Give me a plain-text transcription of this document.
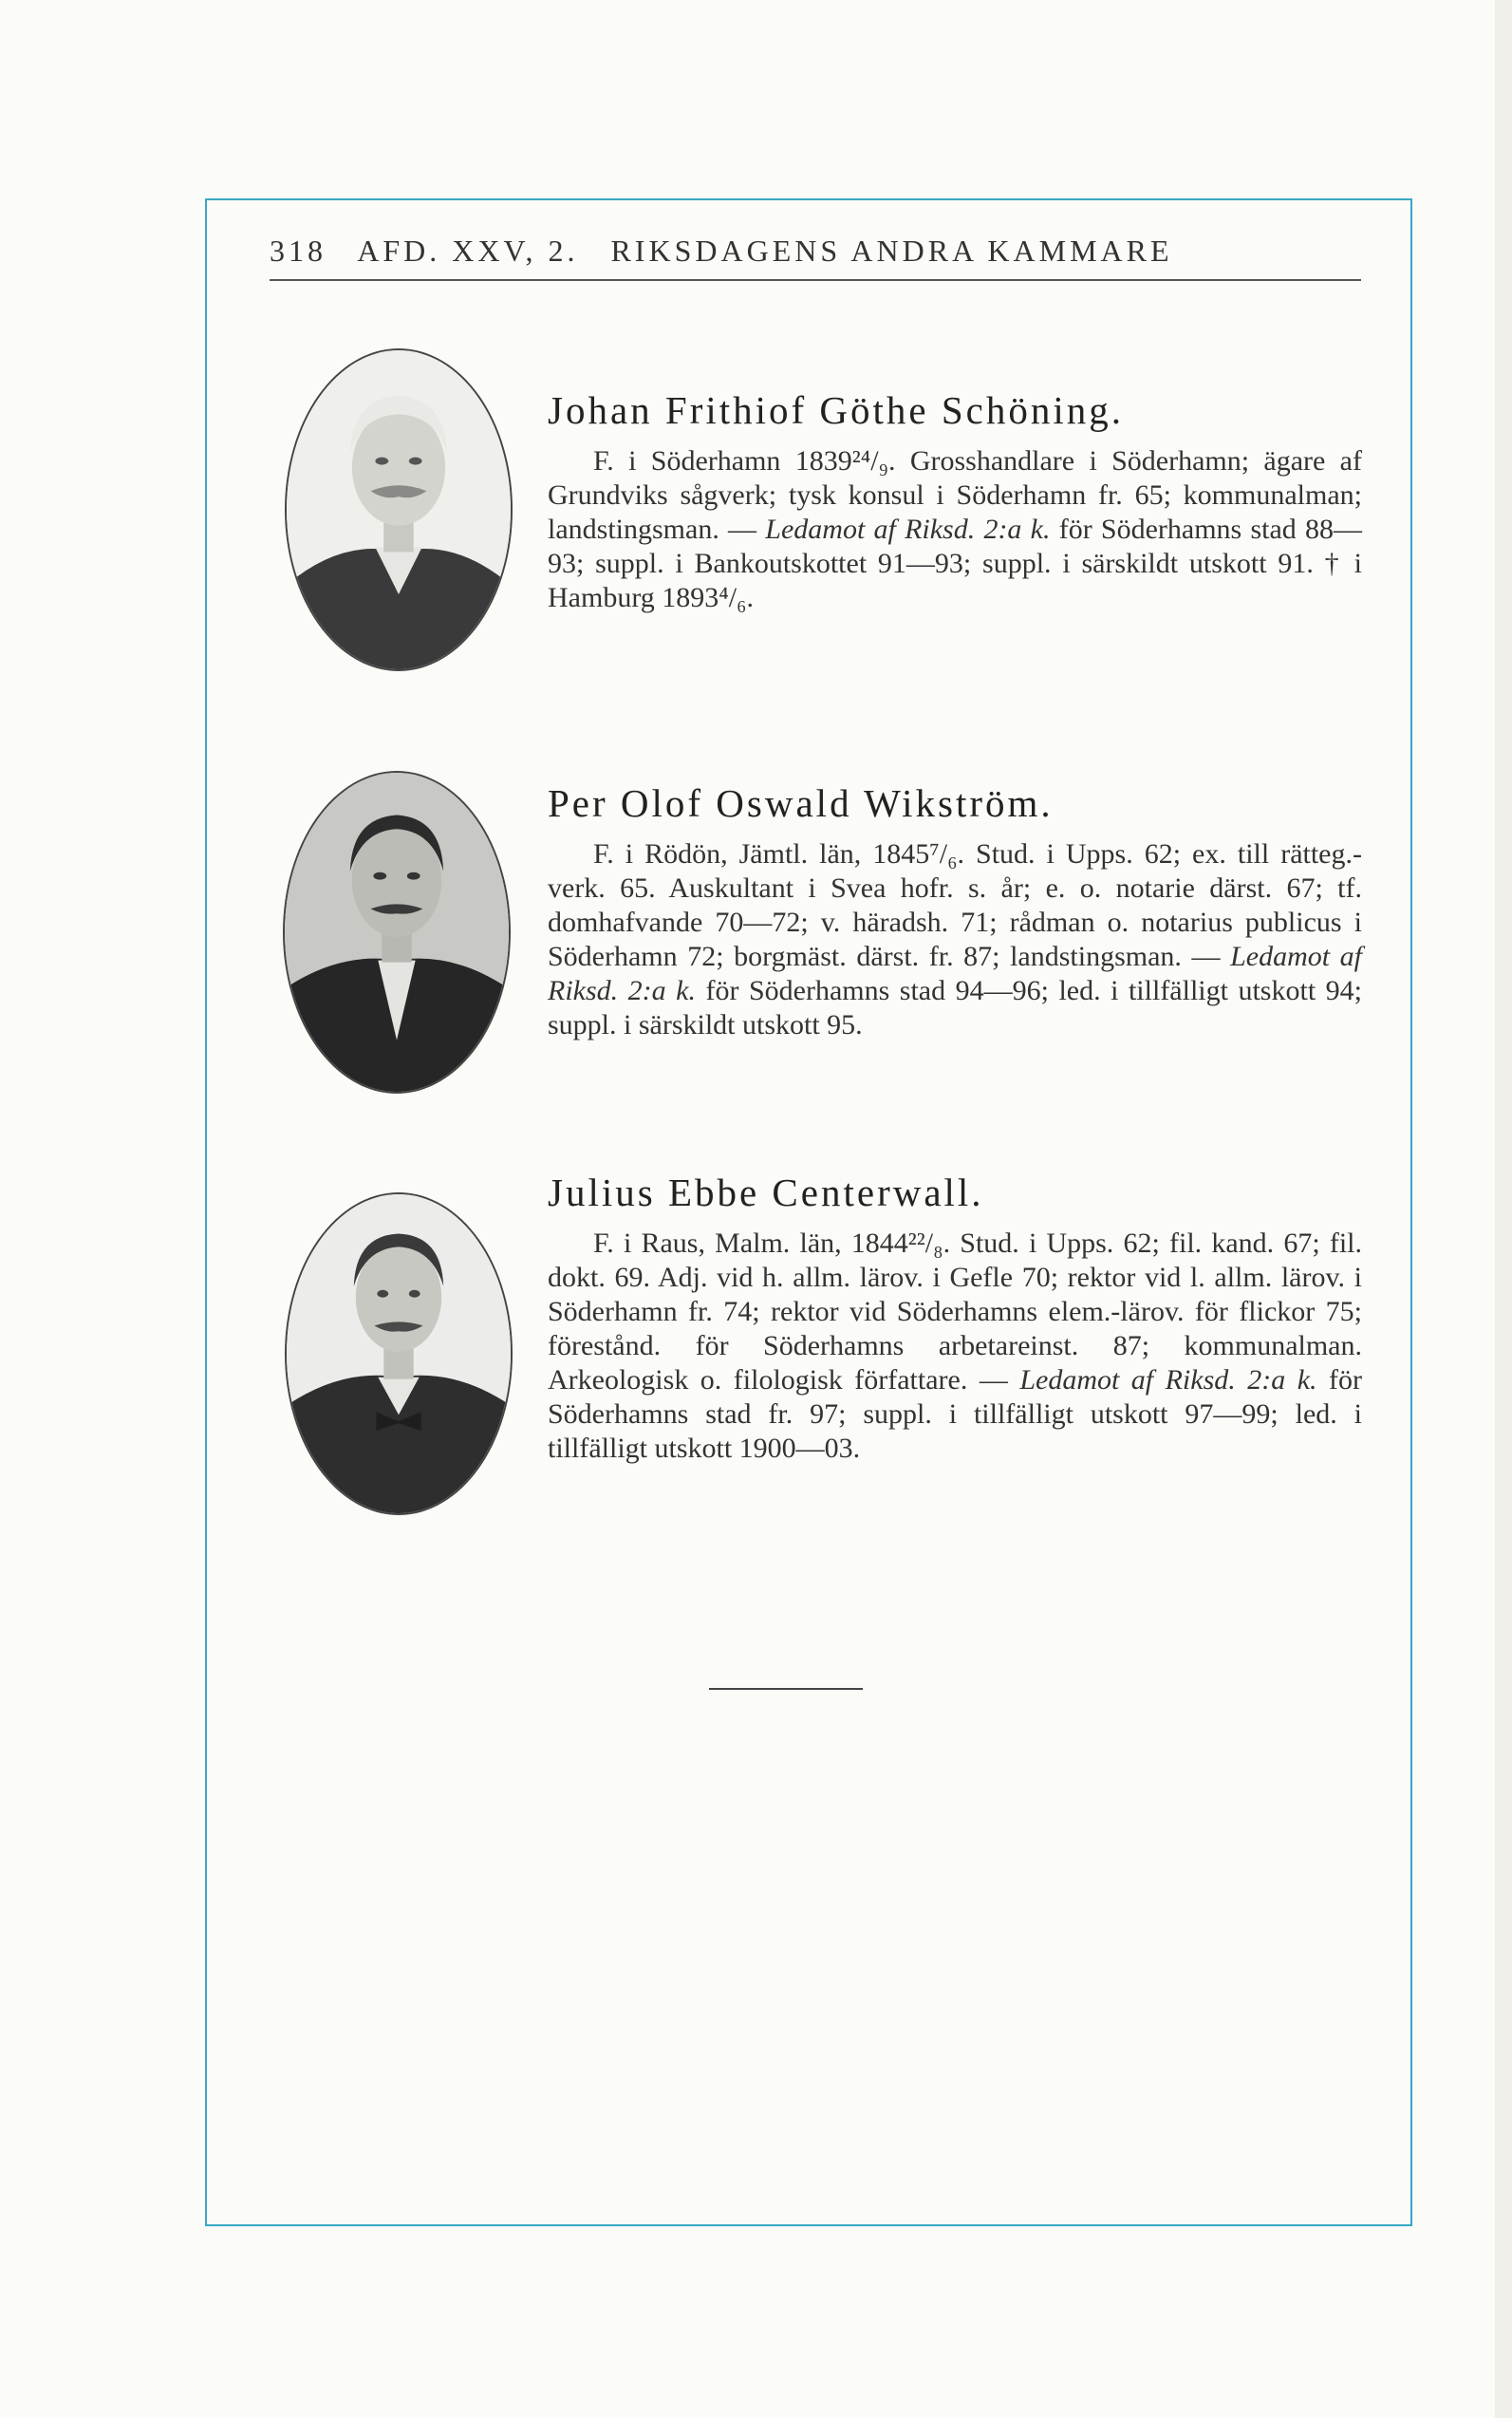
318 AFD. XXV, 2. RIKSDAGENS ANDRA KAMMARE
Johan Frithiof Göthe Schöning.

F. i Söderhamn 1839²⁴/₉. Grosshandlare i Söderhamn; ägare af Grundviks sågverk; tysk konsul i Söderhamn fr. 65; kommunalman; landstingsman. — Ledamot af Riksd. 2:a k. för Söderhamns stad 88—93; suppl. i Bankoutskottet 91—93; suppl. i särskildt utskott 91. † i Hamburg 1893⁴/₆.

Per Olof Oswald Wikström.

F. i Rödön, Jämtl. län, 1845⁷/₆. Stud. i Upps. 62; ex. till rätteg.-verk. 65. Auskultant i Svea hofr. s. år; e. o. notarie därst. 67; tf. domhafvande 70—72; v. häradsh. 71; rådman o. notarius publicus i Söderhamn 72; borgmäst. därst. fr. 87; landstingsman. — Ledamot af Riksd. 2:a k. för Söderhamns stad 94—96; led. i tillfälligt utskott 94; suppl. i särskildt utskott 95.

Julius Ebbe Centerwall.

F. i Raus, Malm. län, 1844²²/₈. Stud. i Upps. 62; fil. kand. 67; fil. dokt. 69. Adj. vid h. allm. lärov. i Gefle 70; rektor vid l. allm. lärov. i Söderhamn fr. 74; rektor vid Söderhamns elem.-lärov. för flickor 75; förestånd. för Söderhamns arbetareinst. 87; kommunalman. Arkeologisk o. filologisk författare. — Ledamot af Riksd. 2:a k. för Söderhamns stad fr. 97; suppl. i tillfälligt utskott 97—99; led. i tillfälligt utskott 1900—03.
